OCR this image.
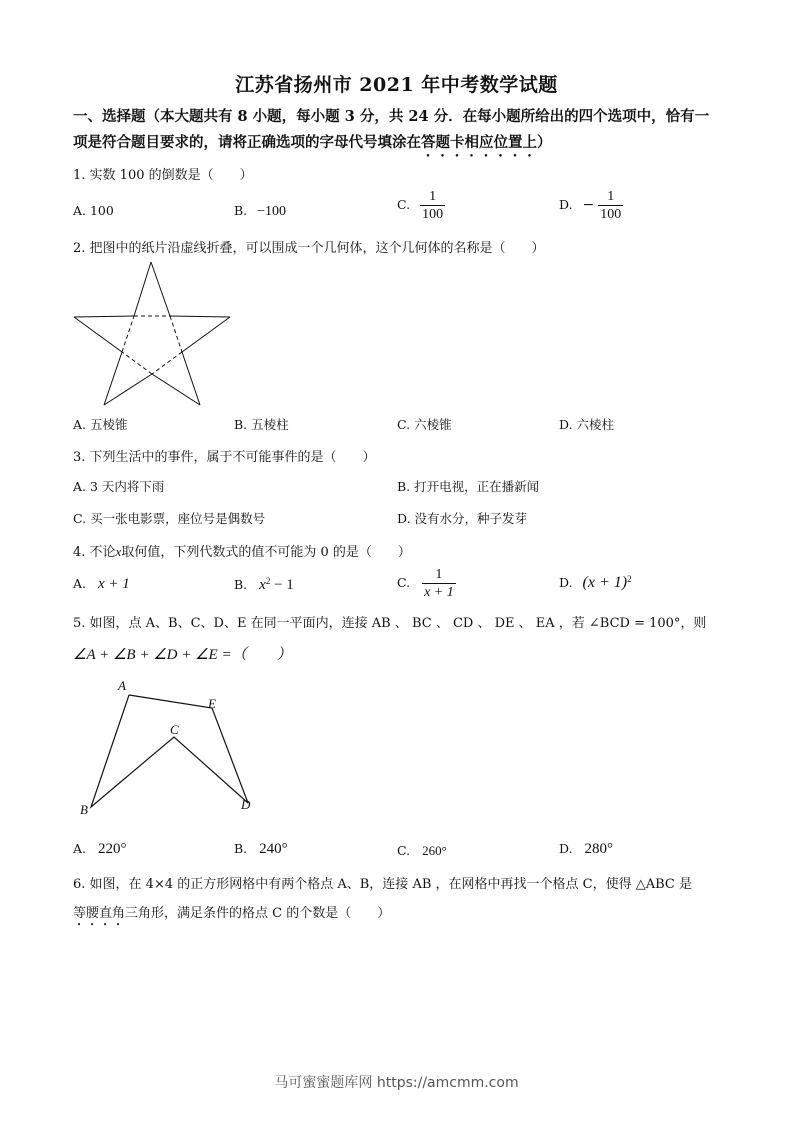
江苏省扬州市 2021 年中考数学试题
一、选择题（本大题共有 8 小题，每小题 3 分，共 24 分．在每小题所给出的四个选项中，恰有一项是符合题目要求的，请将正确选项的字母代号填涂在答题卡相应位置上）
1. 实数 100 的倒数是（　　）
A. 100	B. −100	C. $\frac{1}{100}$	D. − $\frac{1}{100}$
2. 把图中的纸片沿虚线折叠，可以围成一个几何体，这个几何体的名称是（　　）
A. 五棱锥	B. 五棱柱	C. 六棱锥	D. 六棱柱
3. 下列生活中的事件，属于不可能事件的是（　　）
A. 3 天内将下雨	B. 打开电视，正在播新闻
C. 买一张电影票，座位号是偶数号	D. 没有水分，种子发芽
4. 不论x取何值，下列代数式的值不可能为 0 的是（　　）
A. x + 1	B. $x^2 - 1$	C. $\frac{1}{x + 1}$	D. $(x + 1)^2$
5. 如图，点 A、B、C、D、E 在同一平面内，连接 AB 、 BC 、 CD 、 DE 、 EA ，若 ∠BCD = 100°，则
∠A + ∠B + ∠D + ∠E =（　　）
A
E
C
B	D
A. 220°	B. 240°	C. 260°	D. 280°
6. 如图，在 4×4 的正方形网格中有两个格点 A、B，连接 AB ，在网格中再找一个格点 C，使得 △ABC 是
等腰直角三角形，满足条件的格点 C 的个数是（　　）
马可蜜蜜题库网 https://amcmm.com
